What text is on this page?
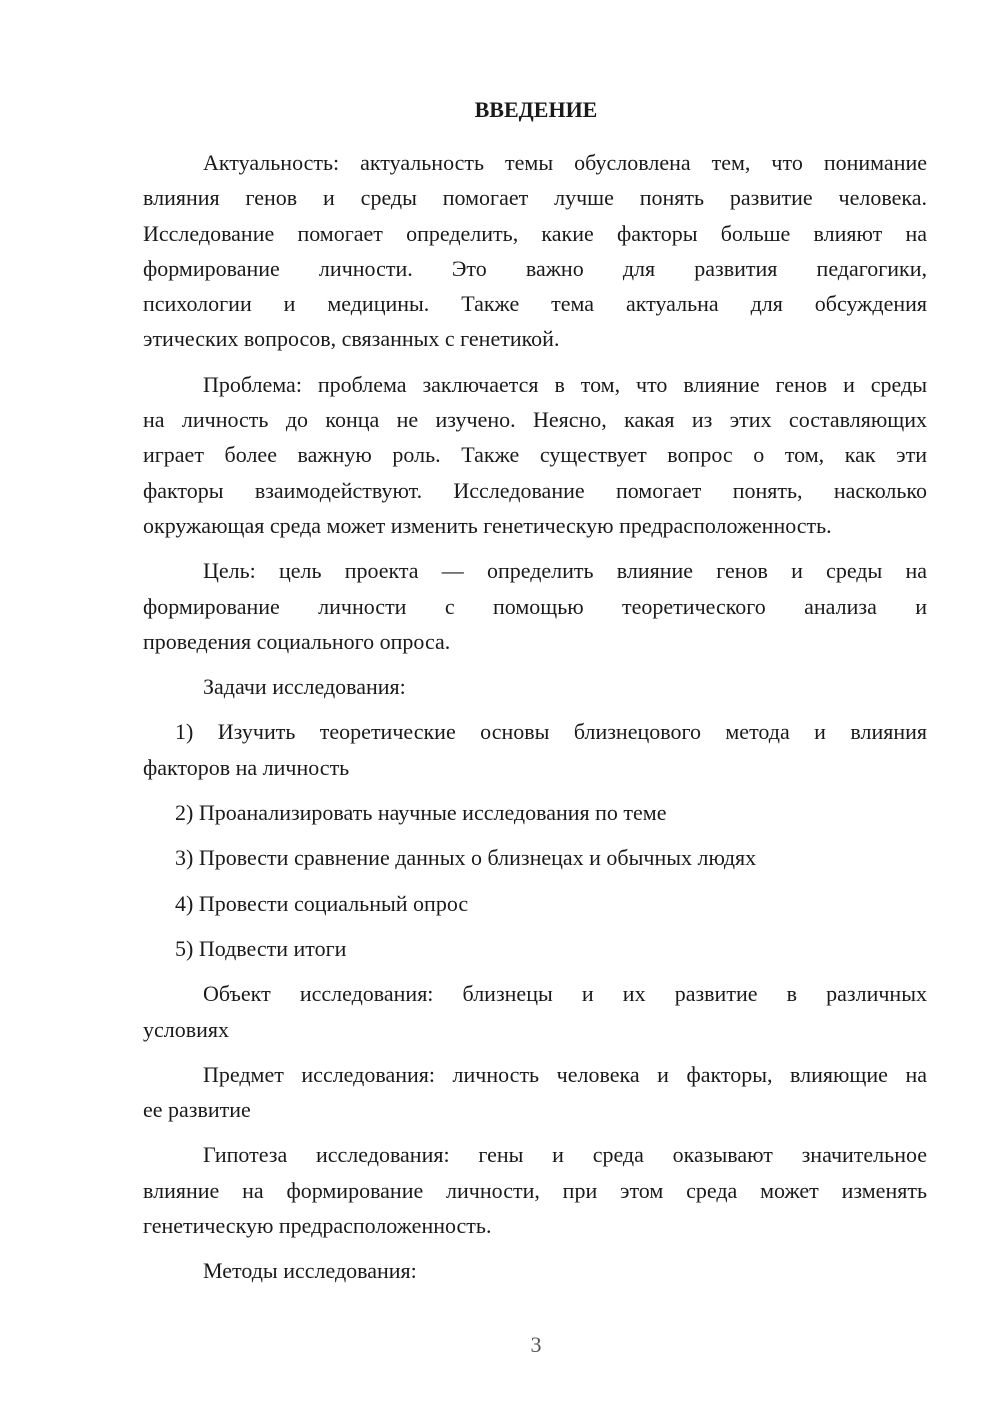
ВВЕДЕНИЕ
Актуальность: актуальность темы обусловлена тем, что понимание
влияния генов и среды помогает лучше понять развитие человека.
Исследование помогает определить, какие факторы больше влияют на
формирование личности. Это важно для развития педагогики,
психологии и медицины. Также тема актуальна для обсуждения
этических вопросов, связанных с генетикой.
Проблема: проблема заключается в том, что влияние генов и среды
на личность до конца не изучено. Неясно, какая из этих составляющих
играет более важную роль. Также существует вопрос о том, как эти
факторы взаимодействуют. Исследование помогает понять, насколько
окружающая среда может изменить генетическую предрасположенность.
Цель: цель проекта — определить влияние генов и среды на
формирование личности с помощью теоретического анализа и
проведения социального опроса.
Задачи исследования:
1) Изучить теоретические основы близнецового метода и влияния
факторов на личность
2) Проанализировать научные исследования по теме
3) Провести сравнение данных о близнецах и обычных людях
4) Провести социальный опрос
5) Подвести итоги
Объект исследования: близнецы и их развитие в различных
условиях
Предмет исследования: личность человека и факторы, влияющие на
ее развитие
Гипотеза исследования: гены и среда оказывают значительное
влияние на формирование личности, при этом среда может изменять
генетическую предрасположенность.
Методы исследования:
3
